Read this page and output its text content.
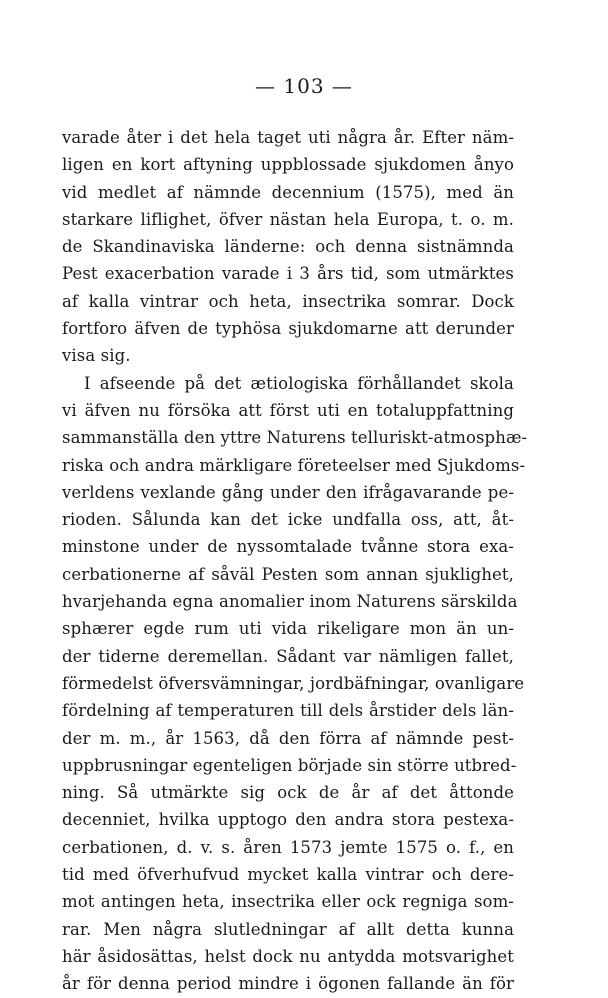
— 103 —
varade åter i det hela taget uti några år. Efter näm-
ligen en kort aftyning uppblossade sjukdomen ånyo
vid medlet af nämnde decennium (1575), med än
starkare liflighet, öfver nästan hela Europa, t. o. m.
de Skandinaviska länderne: och denna sistnämnda
Pest exacerbation varade i 3 års tid, som utmärktes
af kalla vintrar och heta, insectrika somrar. Dock
fortforo äfven de typhösa sjukdomarne att derunder
visa sig.
I afseende på det ætiologiska förhållandet skola
vi äfven nu försöka att först uti en totaluppfattning
sammanställa den yttre Naturens telluriskt-atmosphæ-
riska och andra märkligare företeelser med Sjukdoms-
verldens vexlande gång under den ifrågavarande pe-
rioden. Sålunda kan det icke undfalla oss, att, åt-
minstone under de nyssomtalade tvånne stora exa-
cerbationerne af såväl Pesten som annan sjuklighet,
hvarjehanda egna anomalier inom Naturens särskilda
sphærer egde rum uti vida rikeligare mon än un-
der tiderne deremellan. Sådant var nämligen fallet,
förmedelst öfversvämningar, jordbäfningar, ovanligare
fördelning af temperaturen till dels årstider dels län-
der m. m., år 1563, då den förra af nämnde pest-
uppbrusningar egenteligen började sin större utbred-
ning. Så utmärkte sig ock de år af det åttonde
decenniet, hvilka upptogo den andra stora pestexa-
cerbationen, d. v. s. åren 1573 jemte 1575 o. f., en
tid med öfverhufvud mycket kalla vintrar och dere-
mot antingen heta, insectrika eller ock regniga som-
rar. Men några slutledningar af allt detta kunna
här åsidosättas, helst dock nu antydda motsvarighet
år för denna period mindre i ögonen fallande än för
